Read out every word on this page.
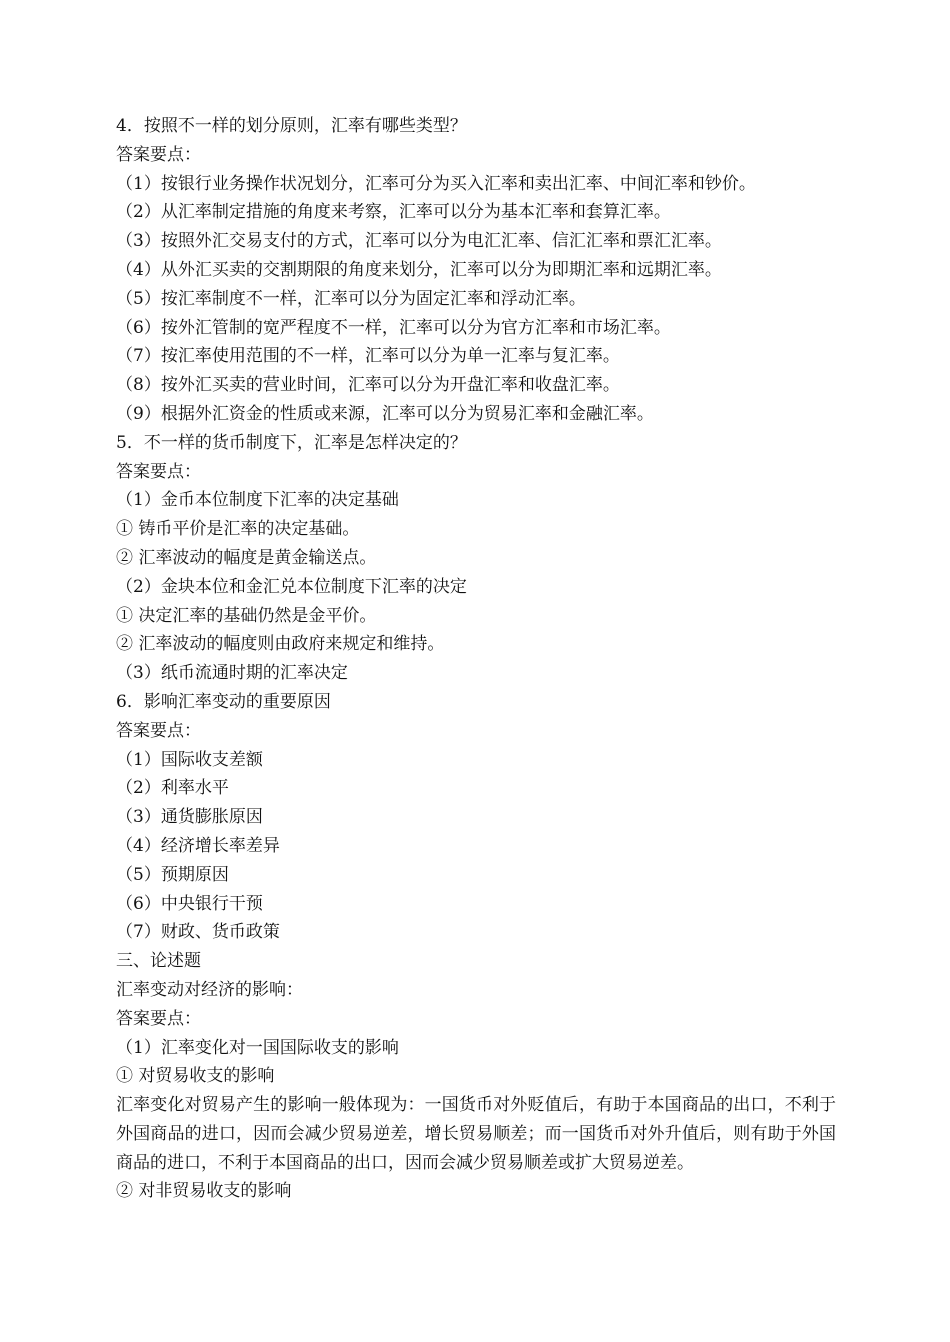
4．按照不一样的划分原则，汇率有哪些类型？
答案要点：
（1）按银行业务操作状况划分，汇率可分为买入汇率和卖出汇率、中间汇率和钞价。
（2）从汇率制定措施的角度来考察，汇率可以分为基本汇率和套算汇率。
（3）按照外汇交易支付的方式，汇率可以分为电汇汇率、信汇汇率和票汇汇率。
（4）从外汇买卖的交割期限的角度来划分，汇率可以分为即期汇率和远期汇率。
（5）按汇率制度不一样，汇率可以分为固定汇率和浮动汇率。
（6）按外汇管制的宽严程度不一样，汇率可以分为官方汇率和市场汇率。
（7）按汇率使用范围的不一样，汇率可以分为单一汇率与复汇率。
（8）按外汇买卖的营业时间，汇率可以分为开盘汇率和收盘汇率。
（9）根据外汇资金的性质或来源，汇率可以分为贸易汇率和金融汇率。
5．不一样的货币制度下，汇率是怎样决定的？
答案要点：
（1）金币本位制度下汇率的决定基础
① 铸币平价是汇率的决定基础。
② 汇率波动的幅度是黄金输送点。
（2）金块本位和金汇兑本位制度下汇率的决定
① 决定汇率的基础仍然是金平价。
② 汇率波动的幅度则由政府来规定和维持。
（3）纸币流通时期的汇率决定
6．影响汇率变动的重要原因
答案要点：
（1）国际收支差额
（2）利率水平
（3）通货膨胀原因
（4）经济增长率差异
（5）预期原因
（6）中央银行干预
（7）财政、货币政策
三、论述题
汇率变动对经济的影响：
答案要点：
（1）汇率变化对一国国际收支的影响
① 对贸易收支的影响

汇率变化对贸易产生的影响一般体现为：一国货币对外贬值后，有助于本国商品的出口，不利于外国商品的进口，因而会减少贸易逆差，增长贸易顺差；而一国货币对外升值后，则有助于外国商品的进口，不利于本国商品的出口，因而会减少贸易顺差或扩大贸易逆差。

② 对非贸易收支的影响
